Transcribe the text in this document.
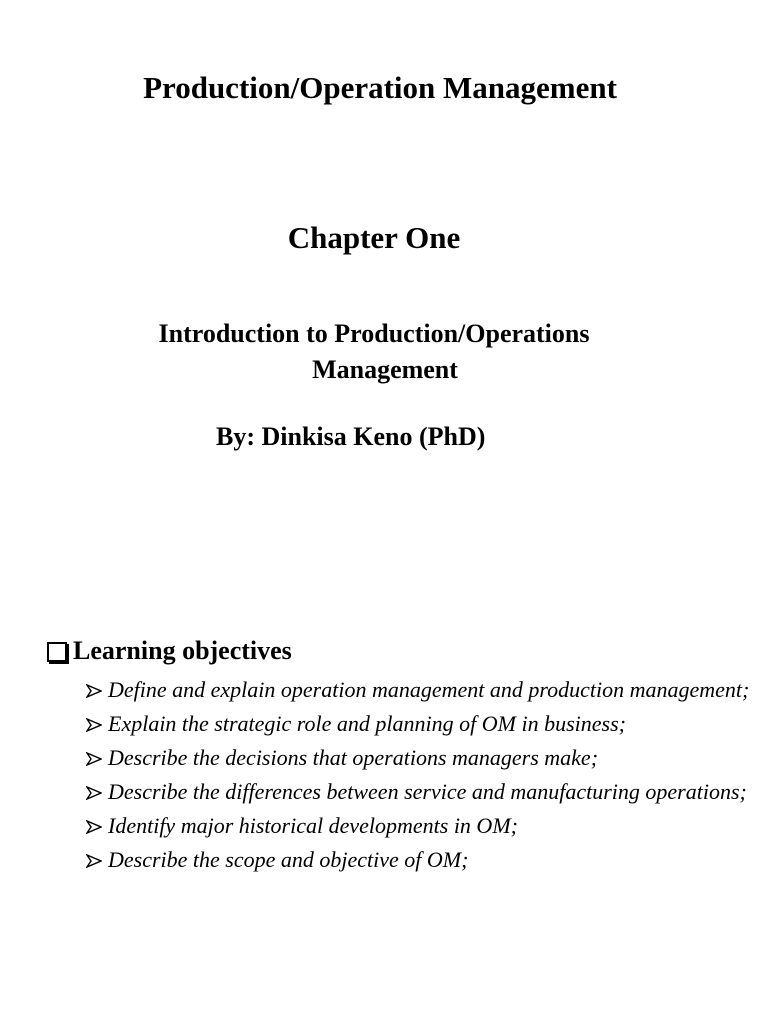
Production/Operation Management
Chapter One
Introduction to Production/Operations
Management
By: Dinkisa Keno (PhD)
Learning objectives
Define and explain operation management and production management;
Explain the strategic role and planning of OM in business;
Describe the decisions that operations managers make;
Describe the differences between service and manufacturing operations;
Identify major historical developments in OM;
Describe the scope and objective of OM;
